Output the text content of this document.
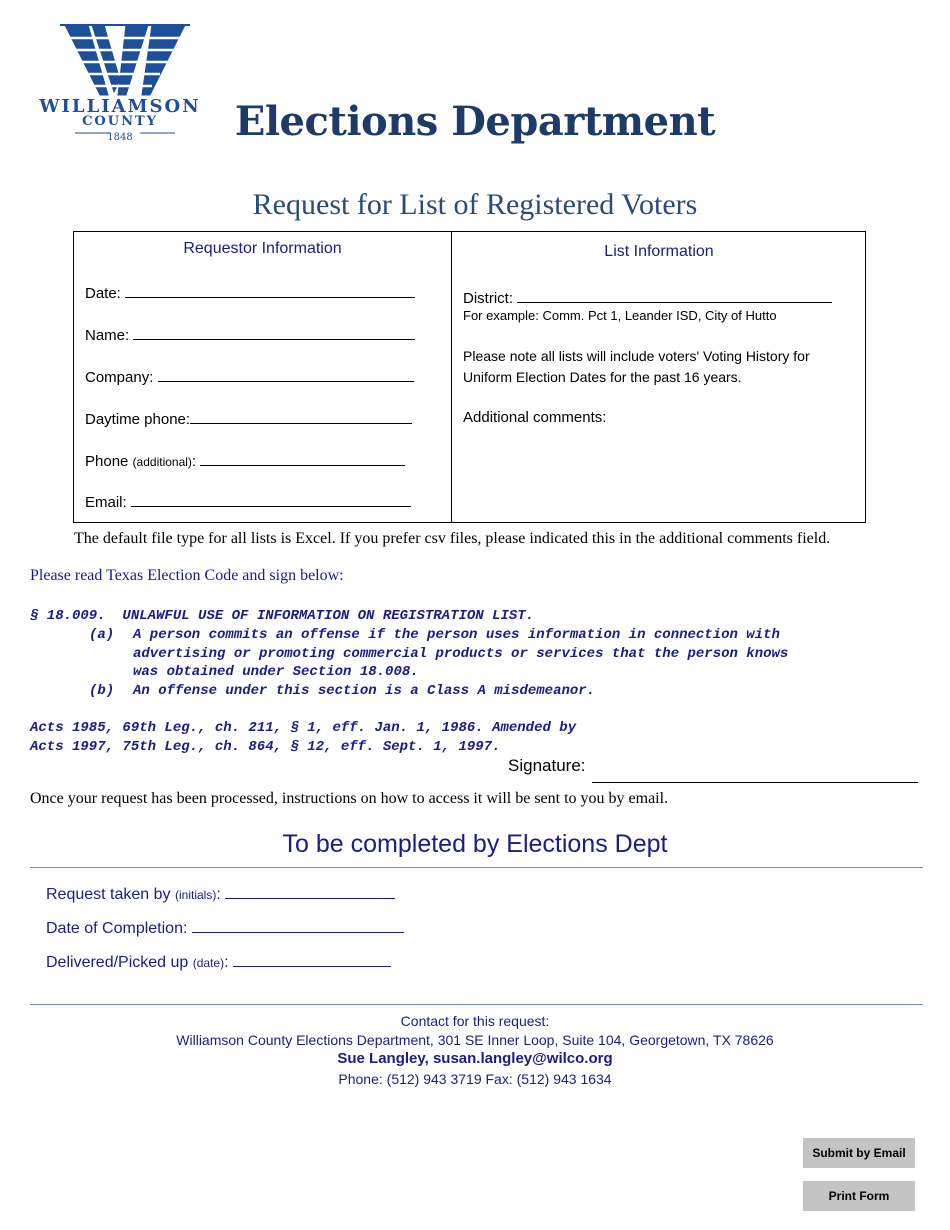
WILLIAMSON
COUNTY
1848	Elections Department
Request for List of Registered Voters
Requestor Information
Date:
Name:
Company:
Daytime phone:
Phone (additional):
Email:
List Information
District:
For example: Comm. Pct 1, Leander ISD, City of Hutto
Please note all lists will include voters' Voting History for
Uniform Election Dates for the past 16 years.
Additional comments:
The default file type for all lists is Excel. If you prefer csv files, please indicated this in the additional comments field.
Please read Texas Election Code and sign below:
§ 18.009.  UNLAWFUL USE OF INFORMATION ON REGISTRATION LIST.
(a) A person commits an offense if the person uses information in connection with
advertising or promoting commercial products or services that the person knows
was obtained under Section 18.008.
(b) An offense under this section is a Class A misdemeanor.
Acts 1985, 69th Leg., ch. 211, § 1, eff. Jan. 1, 1986. Amended by
Acts 1997, 75th Leg., ch. 864, § 12, eff. Sept. 1, 1997.
Signature:
Once your request has been processed, instructions on how to access it will be sent to you by email.
To be completed by Elections Dept
Request taken by (initials):
Date of Completion:
Delivered/Picked up (date):
Contact for this request:
Williamson County Elections Department, 301 SE Inner Loop, Suite 104, Georgetown, TX 78626
Sue Langley, susan.langley@wilco.org
Phone: (512) 943 3719 Fax: (512) 943 1634
Submit by Email
Print Form
